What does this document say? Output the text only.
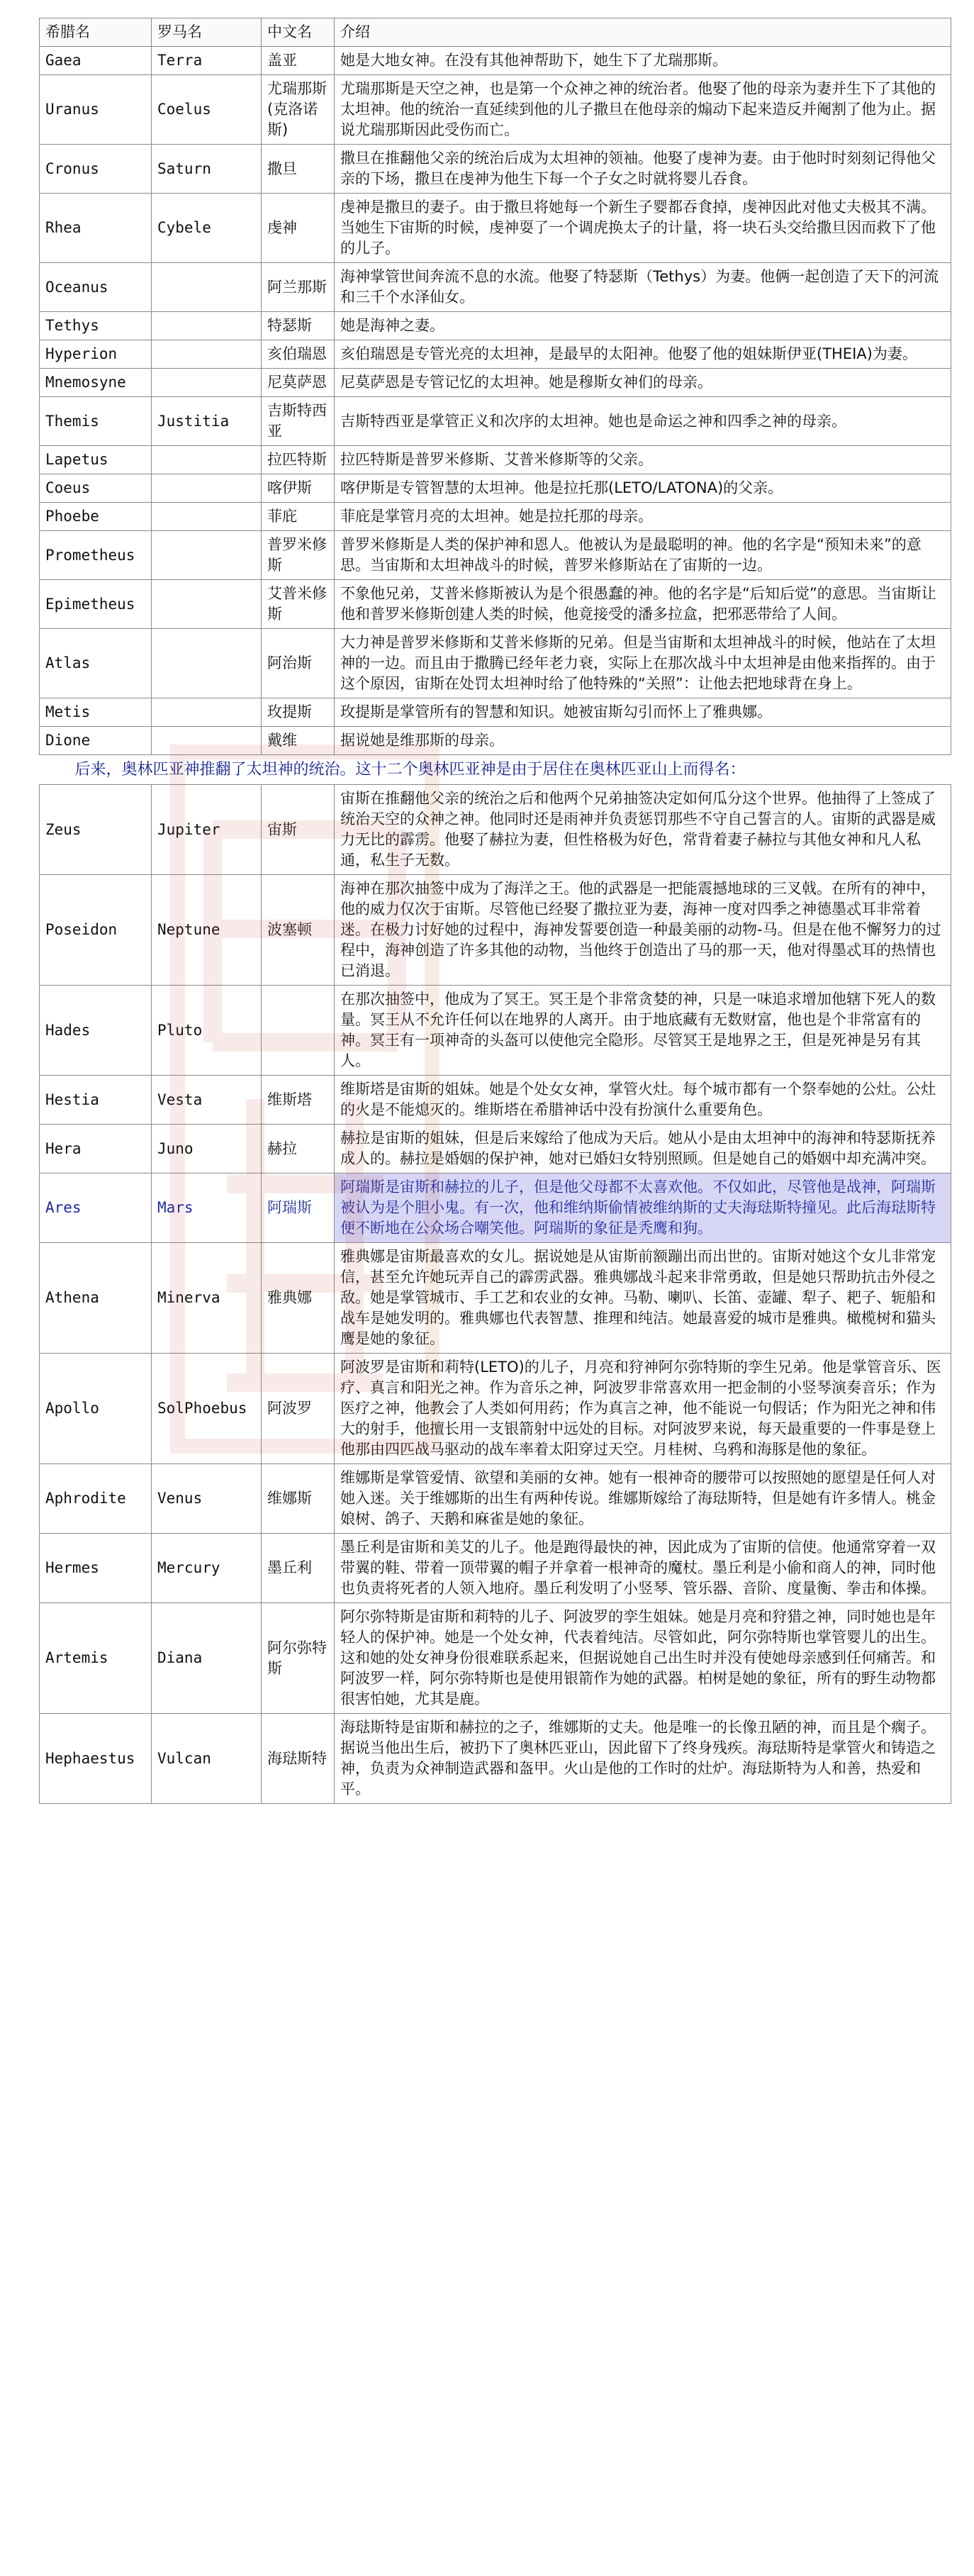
希腊名	罗马名	中文名	介绍
Gaea	Terra	盖亚	她是大地女神。在没有其他神帮助下，她生下了尤瑞那斯。
Uranus	Coelus	尤瑞那斯(克洛诺斯)	尤瑞那斯是天空之神，也是第一个众神之神的统治者。他娶了他的母亲为妻并生下了其他的太坦神。他的统治一直延续到他的儿子撒旦在他母亲的煽动下起来造反并阉割了他为止。据说尤瑞那斯因此受伤而亡。
Cronus	Saturn	撒旦	撒旦在推翻他父亲的统治后成为太坦神的领袖。他娶了虔神为妻。由于他时时刻刻记得他父亲的下场，撒旦在虔神为他生下每一个子女之时就将婴儿吞食。
Rhea	Cybele	虔神	虔神是撒旦的妻子。由于撒旦将她每一个新生子婴都吞食掉，虔神因此对他丈夫极其不满。当她生下宙斯的时候，虔神耍了一个调虎换太子的计量，将一块石头交给撒旦因而救下了他的儿子。
Oceanus		阿兰那斯	海神掌管世间奔流不息的水流。他娶了特瑟斯（Tethys）为妻。他俩一起创造了天下的河流和三千个水泽仙女。
Tethys		特瑟斯	她是海神之妻。
Hyperion		亥伯瑞恩	亥伯瑞恩是专管光亮的太坦神，是最早的太阳神。他娶了他的姐妹斯伊亚(THEIA)为妻。
Mnemosyne		尼莫萨恩	尼莫萨恩是专管记忆的太坦神。她是穆斯女神们的母亲。
Themis	Justitia	吉斯特西亚	吉斯特西亚是掌管正义和次序的太坦神。她也是命运之神和四季之神的母亲。
Lapetus		拉匹特斯	拉匹特斯是普罗米修斯、艾普米修斯等的父亲。
Coeus		喀伊斯	喀伊斯是专管智慧的太坦神。他是拉托那(LETO/LATONA)的父亲。
Phoebe		菲庇	菲庇是掌管月亮的太坦神。她是拉托那的母亲。
Prometheus		普罗米修斯	普罗米修斯是人类的保护神和恩人。他被认为是最聪明的神。他的名字是“预知未来”的意思。当宙斯和太坦神战斗的时候，普罗米修斯站在了宙斯的一边。
Epimetheus		艾普米修斯	不象他兄弟，艾普米修斯被认为是个很愚蠢的神。他的名字是“后知后觉”的意思。当宙斯让他和普罗米修斯创建人类的时候，他竟接受的潘多拉盒，把邪恶带给了人间。
Atlas		阿治斯	大力神是普罗米修斯和艾普米修斯的兄弟。但是当宙斯和太坦神战斗的时候，他站在了太坦神的一边。而且由于撒腾已经年老力衰，实际上在那次战斗中太坦神是由他来指挥的。由于这个原因，宙斯在处罚太坦神时给了他特殊的“关照”：让他去把地球背在身上。
Metis		玫提斯	玫提斯是掌管所有的智慧和知识。她被宙斯勾引而怀上了雅典娜。
Dione		戴维	据说她是维那斯的母亲。
后来，奥林匹亚神推翻了太坦神的统治。这十二个奥林匹亚神是由于居住在奥林匹亚山上而得名：			
Zeus	Jupiter	宙斯	宙斯在推翻他父亲的统治之后和他两个兄弟抽签决定如何瓜分这个世界。他抽得了上签成了统治天空的众神之神。他同时还是雨神并负责惩罚那些不守自己誓言的人。宙斯的武器是威力无比的霹雳。他娶了赫拉为妻，但性格极为好色，常背着妻子赫拉与其他女神和凡人私通，私生子无数。
Poseidon	Neptune	波塞顿	海神在那次抽签中成为了海洋之王。他的武器是一把能震撼地球的三叉戟。在所有的神中，他的威力仅次于宙斯。尽管他已经娶了撒拉亚为妻，海神一度对四季之神德墨忒耳非常着迷。在极力讨好她的过程中，海神发誓要创造一种最美丽的动物-马。但是在他不懈努力的过程中，海神创造了许多其他的动物，当他终于创造出了马的那一天，他对得墨忒耳的热情也已消退。
Hades	Pluto		在那次抽签中，他成为了冥王。冥王是个非常贪婪的神，只是一味追求增加他辖下死人的数量。冥王从不允许任何以在地界的人离开。由于地底藏有无数财富，他也是个非常富有的神。冥王有一项神奇的头盔可以使他完全隐形。尽管冥王是地界之王，但是死神是另有其人。
Hestia	Vesta	维斯塔	维斯塔是宙斯的姐妹。她是个处女女神，掌管火灶。每个城市都有一个祭奉她的公灶。公灶的火是不能熄灭的。维斯塔在希腊神话中没有扮演什么重要角色。
Hera	Juno	赫拉	赫拉是宙斯的姐妹，但是后来嫁给了他成为天后。她从小是由太坦神中的海神和特瑟斯抚养成人的。赫拉是婚姻的保护神，她对已婚妇女特别照顾。但是她自己的婚姻中却充满冲突。
Ares	Mars	阿瑞斯	阿瑞斯是宙斯和赫拉的儿子，但是他父母都不太喜欢他。不仅如此，尽管他是战神，阿瑞斯被认为是个胆小鬼。有一次，他和维纳斯偷情被维纳斯的丈夫海琺斯特撞见。此后海琺斯特便不断地在公众场合嘲笑他。阿瑞斯的象征是秃鹰和狗。
Athena	Minerva	雅典娜	雅典娜是宙斯最喜欢的女儿。据说她是从宙斯前额蹦出而出世的。宙斯对她这个女儿非常宠信，甚至允许她玩弄自己的霹雳武器。雅典娜战斗起来非常勇敢，但是她只帮助抗击外侵之敌。她是掌管城市、手工艺和农业的女神。马勒、喇叭、长笛、壶罐、犁子、耙子、轭船和战车是她发明的。雅典娜也代表智慧、推理和纯洁。她最喜爱的城市是雅典。橄榄树和猫头鹰是她的象征。
Apollo	SolPhoebus	阿波罗	阿波罗是宙斯和莉特(LETO)的儿子，月亮和狩神阿尔弥特斯的孪生兄弟。他是掌管音乐、医疗、真言和阳光之神。作为音乐之神，阿波罗非常喜欢用一把金制的小竖琴演奏音乐；作为医疗之神，他教会了人类如何用药；作为真言之神，他不能说一句假话；作为阳光之神和伟大的射手，他擅长用一支银箭射中远处的目标。对阿波罗来说，每天最重要的一件事是登上他那由四匹战马驱动的战车率着太阳穿过天空。月桂树、乌鸦和海豚是他的象征。
Aphrodite	Venus	维娜斯	维娜斯是掌管爱情、欲望和美丽的女神。她有一根神奇的腰带可以按照她的愿望是任何人对她入迷。关于维娜斯的出生有两种传说。维娜斯嫁给了海琺斯特，但是她有许多情人。桃金娘树、鸽子、天鹅和麻雀是她的象征。
Hermes	Mercury	墨丘利	墨丘利是宙斯和美艾的儿子。他是跑得最快的神，因此成为了宙斯的信使。他通常穿着一双带翼的鞋、带着一顶带翼的帽子并拿着一根神奇的魔杖。墨丘利是小偷和商人的神，同时他也负责将死者的人领入地府。墨丘利发明了小竖琴、管乐器、音阶、度量衡、拳击和体操。
Artemis	Diana	阿尔弥特斯	阿尔弥特斯是宙斯和莉特的儿子、阿波罗的孪生姐妹。她是月亮和狩猎之神，同时她也是年轻人的保护神。她是一个处女神，代表着纯洁。尽管如此，阿尔弥特斯也掌管婴儿的出生。这和她的处女神身份很难联系起来，但据说她自己出生时并没有使她母亲感到任何痛苦。和阿波罗一样，阿尔弥特斯也是使用银箭作为她的武器。柏树是她的象征，所有的野生动物都很害怕她，尤其是鹿。
Hephaestus	Vulcan	海琺斯特	海琺斯特是宙斯和赫拉的之子，维娜斯的丈夫。他是唯一的长像丑陋的神，而且是个瘸子。据说当他出生后，被扔下了奥林匹亚山，因此留下了终身残疾。海琺斯特是掌管火和铸造之神，负责为众神制造武器和盔甲。火山是他的工作时的灶炉。海琺斯特为人和善，热爱和平。
